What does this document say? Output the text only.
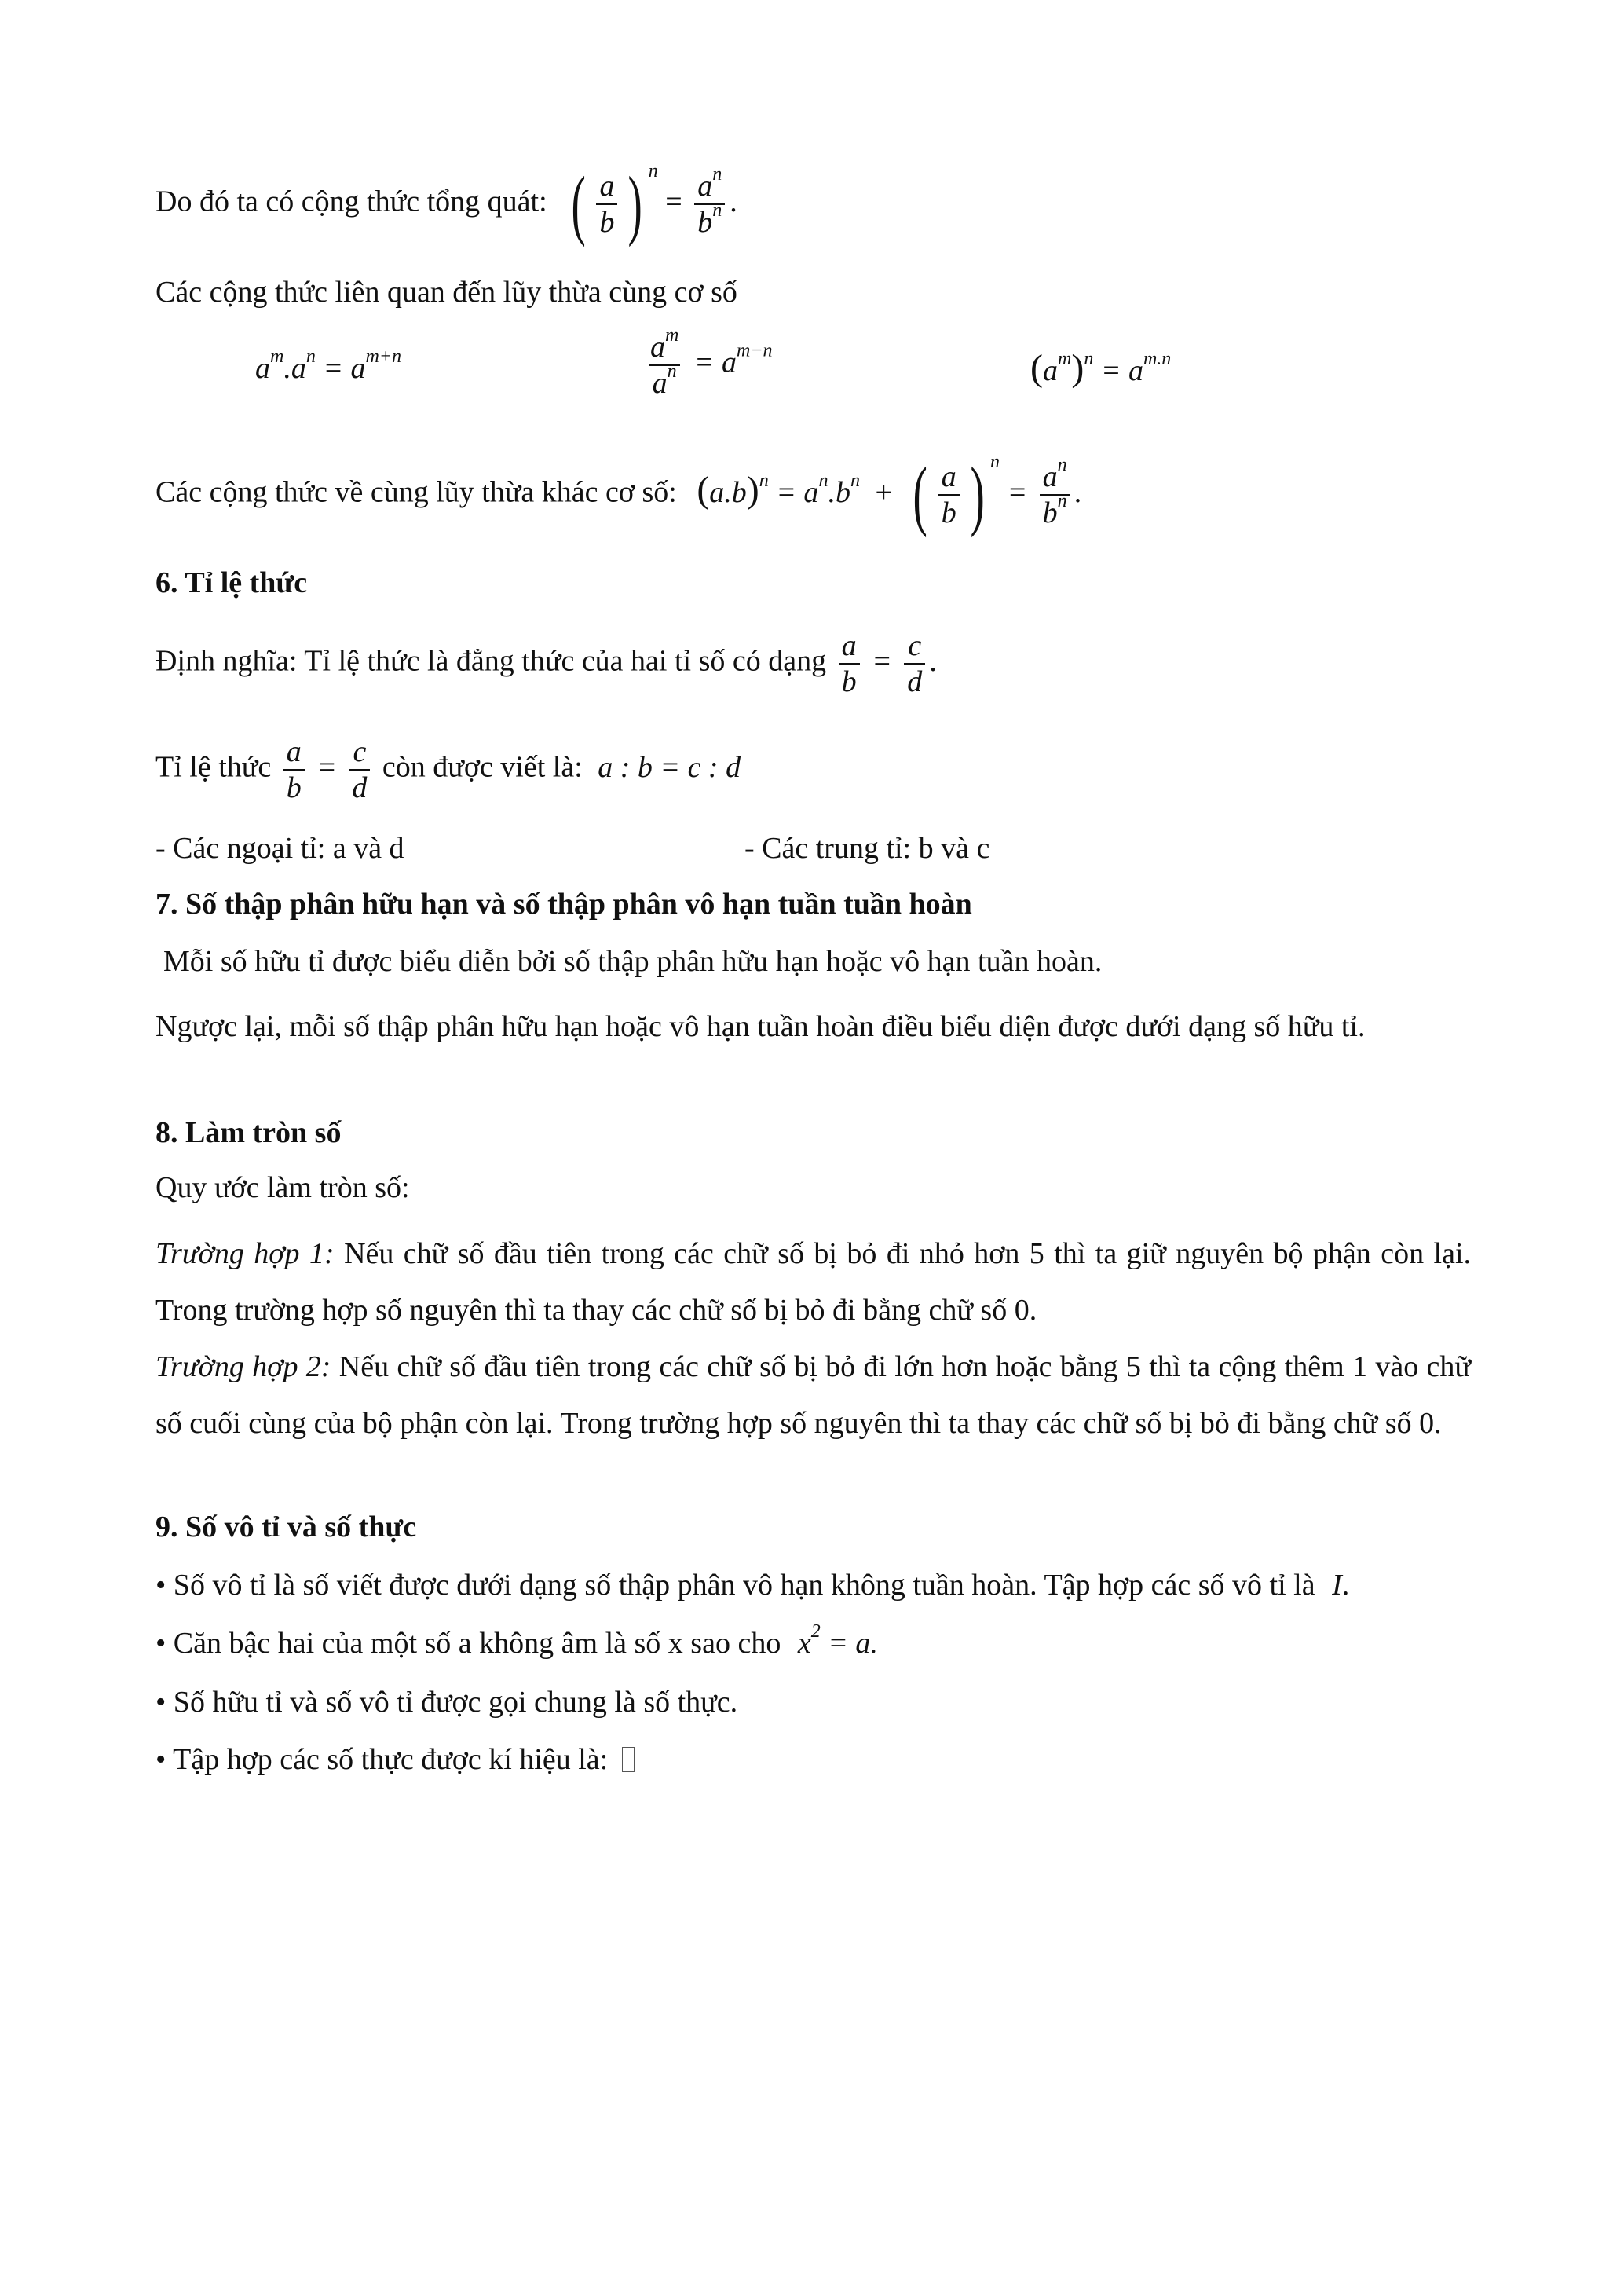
Do đó ta có cộng thức tổng quát: ( $\frac{a}{b}$ ) $^n = \frac{a^n}{b^n}$ .
Các cộng thức liên quan đến lũy thừa cùng cơ số
$a^m.a^n = a^{m+n}$	$\frac{a^m}{a^n} = a^{m-n}$	$(a^m)^n = a^{m.n}$
Các cộng thức về cùng lũy thừa khác cơ số: $(a.b)^n = a^n.b^n$ + ( $\frac{a}{b}$ ) $^n = \frac{a^n}{b^n}$ .
6. Tỉ lệ thức
Định nghĩa: Tỉ lệ thức là đẳng thức của hai tỉ số có dạng $\frac{a}{b} = \frac{c}{d}$ .
Tỉ lệ thức $\frac{a}{b} = \frac{c}{d}$ còn được viết là: a : b = c : d
- Các ngoại tỉ: a và d	- Các trung tỉ: b và c
7. Số thập phân hữu hạn và số thập phân vô hạn tuần tuần hoàn
Mỗi số hữu tỉ được biểu diễn bởi số thập phân hữu hạn hoặc vô hạn tuần hoàn.
Ngược lại, mỗi số thập phân hữu hạn hoặc vô hạn tuần hoàn điều biểu diện được dưới dạng số hữu tỉ.
8. Làm tròn số
Quy ước làm tròn số:
Trường hợp 1: Nếu chữ số đầu tiên trong các chữ số bị bỏ đi nhỏ hơn 5 thì ta giữ nguyên bộ phận còn lại. Trong trường hợp số nguyên thì ta thay các chữ số bị bỏ đi bằng chữ số 0.
Trường hợp 2: Nếu chữ số đầu tiên trong các chữ số bị bỏ đi lớn hơn hoặc bằng 5 thì ta cộng thêm 1 vào chữ số cuối cùng của bộ phận còn lại. Trong trường hợp số nguyên thì ta thay các chữ số bị bỏ đi bằng chữ số 0.
9. Số vô tỉ và số thực
• Số vô tỉ là số viết được dưới dạng số thập phân vô hạn không tuần hoàn. Tập hợp các số vô tỉ là I.
• Căn bậc hai của một số a không âm là số x sao cho $x^2 = a$.
• Số hữu tỉ và số vô tỉ được gọi chung là số thực.
• Tập hợp các số thực được kí hiệu là:
